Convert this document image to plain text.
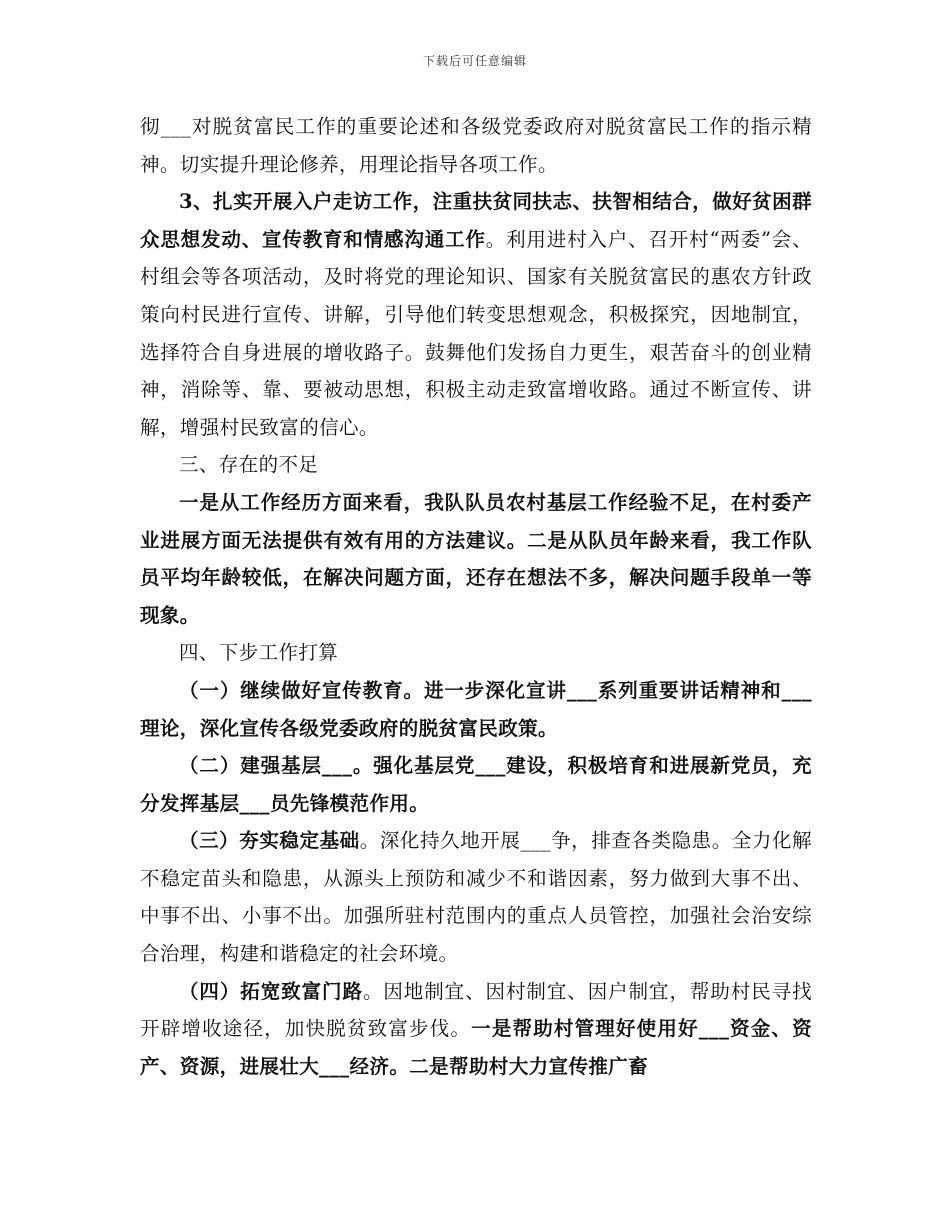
下载后可任意编辑

彻___对脱贫富民工作的重要论述和各级党委政府对脱贫富民工作的指示精神。切实提升理论修养，用理论指导各项工作。

3、扎实开展入户走访工作，注重扶贫同扶志、扶智相结合，做好贫困群众思想发动、宣传教育和情感沟通工作。利用进村入户、召开村“两委”会、村组会等各项活动，及时将党的理论知识、国家有关脱贫富民的惠农方针政策向村民进行宣传、讲解，引导他们转变思想观念，积极探究，因地制宜，选择符合自身进展的增收路子。鼓舞他们发扬自力更生，艰苦奋斗的创业精神，消除等、靠、要被动思想，积极主动走致富增收路。通过不断宣传、讲解，增强村民致富的信心。

三、存在的不足

一是从工作经历方面来看，我队队员农村基层工作经验不足，在村委产业进展方面无法提供有效有用的方法建议。二是从队员年龄来看，我工作队员平均年龄较低，在解决问题方面，还存在想法不多，解决问题手段单一等现象。

四、下步工作打算

（一）继续做好宣传教育。进一步深化宣讲___系列重要讲话精神和___理论，深化宣传各级党委政府的脱贫富民政策。

（二）建强基层___。强化基层党___建设，积极培育和进展新党员，充分发挥基层___员先锋模范作用。

（三）夯实稳定基础。深化持久地开展___争，排查各类隐患。全力化解不稳定苗头和隐患，从源头上预防和减少不和谐因素，努力做到大事不出、中事不出、小事不出。加强所驻村范围内的重点人员管控，加强社会治安综合治理，构建和谐稳定的社会环境。

（四）拓宽致富门路。因地制宜、因村制宜、因户制宜，帮助村民寻找开辟增收途径，加快脱贫致富步伐。一是帮助村管理好使用好___资金、资产、资源，进展壮大___经济。二是帮助村大力宣传推广畜
